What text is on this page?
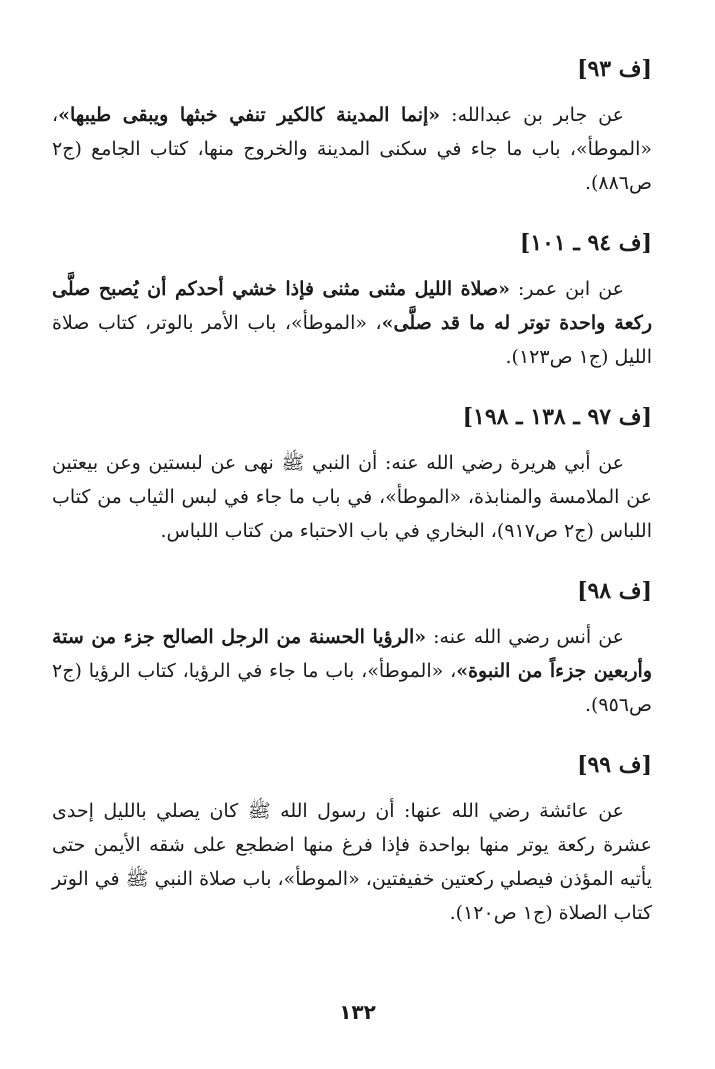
[ف ٩٣]

عن جابر بن عبدالله: «إنما المدينة كالكير تنفي خبثها ويبقى طيبها»، «الموطأ»، باب ما جاء في سكنى المدينة والخروج منها، كتاب الجامع (ج٢ ص٨٨٦).

[ف ٩٤ ـ ١٠١]

عن ابن عمر: «صلاة الليل مثنى مثنى فإذا خشي أحدكم أن يُصبح صلَّى ركعة واحدة توتر له ما قد صلَّى»، «الموطأ»، باب الأمر بالوتر، كتاب صلاة الليل (ج١ ص١٢٣).

[ف ٩٧ ـ ١٣٨ ـ ١٩٨]

عن أبي هريرة رضي الله عنه: أن النبي ﷺ نهى عن لبستين وعن بيعتين عن الملامسة والمنابذة، «الموطأ»، في باب ما جاء في لبس الثياب من كتاب اللباس (ج٢ ص٩١٧)، البخاري في باب الاحتباء من كتاب اللباس.

[ف ٩٨]

عن أنس رضي الله عنه: «الرؤيا الحسنة من الرجل الصالح جزء من ستة وأربعين جزءاً من النبوة»، «الموطأ»، باب ما جاء في الرؤيا، كتاب الرؤيا (ج٢ ص٩٥٦).

[ف ٩٩]

عن عائشة رضي الله عنها: أن رسول الله ﷺ كان يصلي بالليل إحدى عشرة ركعة يوتر منها بواحدة فإذا فرغ منها اضطجع على شقه الأيمن حتى يأتيه المؤذن فيصلي ركعتين خفيفتين، «الموطأ»، باب صلاة النبي ﷺ في الوتر كتاب الصلاة (ج١ ص١٢٠).

١٣٢
